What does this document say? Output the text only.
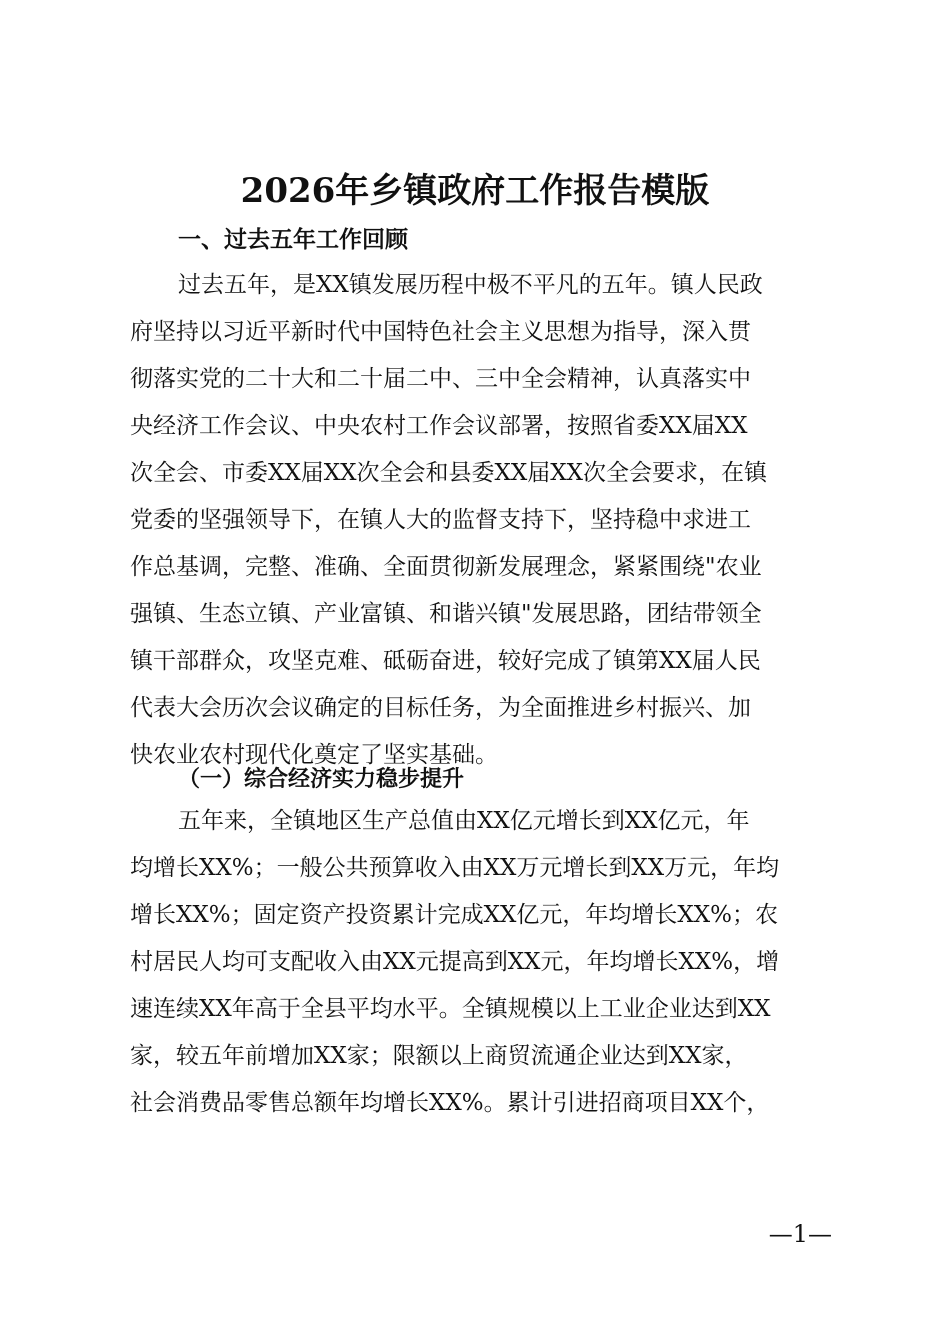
2026年乡镇政府工作报告模版
一、过去五年工作回顾
过去五年，是XX镇发展历程中极不平凡的五年。镇人民政
府坚持以习近平新时代中国特色社会主义思想为指导，深入贯
彻落实党的二十大和二十届二中、三中全会精神，认真落实中
央经济工作会议、中央农村工作会议部署，按照省委XX届XX
次全会、市委XX届XX次全会和县委XX届XX次全会要求，在镇
党委的坚强领导下，在镇人大的监督支持下，坚持稳中求进工
作总基调，完整、准确、全面贯彻新发展理念，紧紧围绕"农业
强镇、生态立镇、产业富镇、和谐兴镇"发展思路，团结带领全
镇干部群众，攻坚克难、砥砺奋进，较好完成了镇第XX届人民
代表大会历次会议确定的目标任务，为全面推进乡村振兴、加
快农业农村现代化奠定了坚实基础。
（一）综合经济实力稳步提升
五年来，全镇地区生产总值由XX亿元增长到XX亿元，年
均增长XX%；一般公共预算收入由XX万元增长到XX万元，年均
增长XX%；固定资产投资累计完成XX亿元，年均增长XX%；农
村居民人均可支配收入由XX元提高到XX元，年均增长XX%，增
速连续XX年高于全县平均水平。全镇规模以上工业企业达到XX
家，较五年前增加XX家；限额以上商贸流通企业达到XX家，
社会消费品零售总额年均增长XX%。累计引进招商项目XX个，
—1—
